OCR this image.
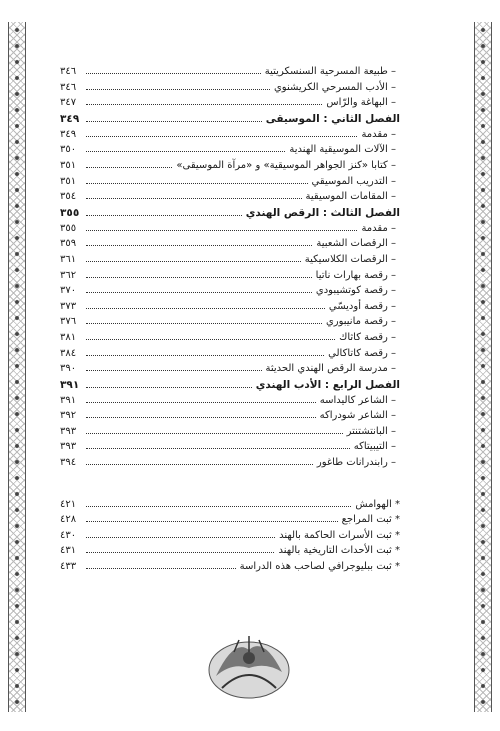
– طبيعة المسرحية السنسكريتية
٣٤٦
– الأدب المسرحي الكريشنوي
٣٤٦
– البهاغة والرّاس
٣٤٧
الفصل الثاني : الموسيقى
٣٤٩
– مقدمة
٣٤٩
– الآلات الموسيقية الهندية
٣٥٠
– كتابا «كنز الجواهر الموسيقية» و «مرآة الموسيقى»
٣٥١
– التدريب الموسيقي
٣٥١
– المقامات الموسيقية
٣٥٤
الفصل الثالث : الرقص الهندي
٣٥٥
– مقدمة
٣٥٥
– الرقصات الشعبية
٣٥٩
– الرقصات الكلاسيكية
٣٦١
– رقصة بهارات ناتيا
٣٦٢
– رقصة كوتشيبودي
٣٧٠
– رقصة أوديسّي
٣٧٣
– رقصة مانيبوري
٣٧٦
– رقصة كاثاك
٣٨١
– رقصة كاتاكالي
٣٨٤
– مدرسة الرقص الهندي الحديثة
٣٩٠
الفصل الرابع : الأدب الهندي
٣٩١
– الشاعر كاليداسه
٣٩١
– الشاعر شودراكه
٣٩٢
– البانتشتنتر
٣٩٣
– التيبيتاكه
٣٩٣
– رابندرانات طاغور
٣٩٤
* الهوامش
٤٢١
* ثبت المراجع
٤٢٨
* ثبت الأسرات الحاكمة بالهند
٤٣٠
* ثبت الأحداث التاريخية بالهند
٤٣١
* ثبت ببليوجرافي لصاحب هذه الدراسة
٤٣٣
